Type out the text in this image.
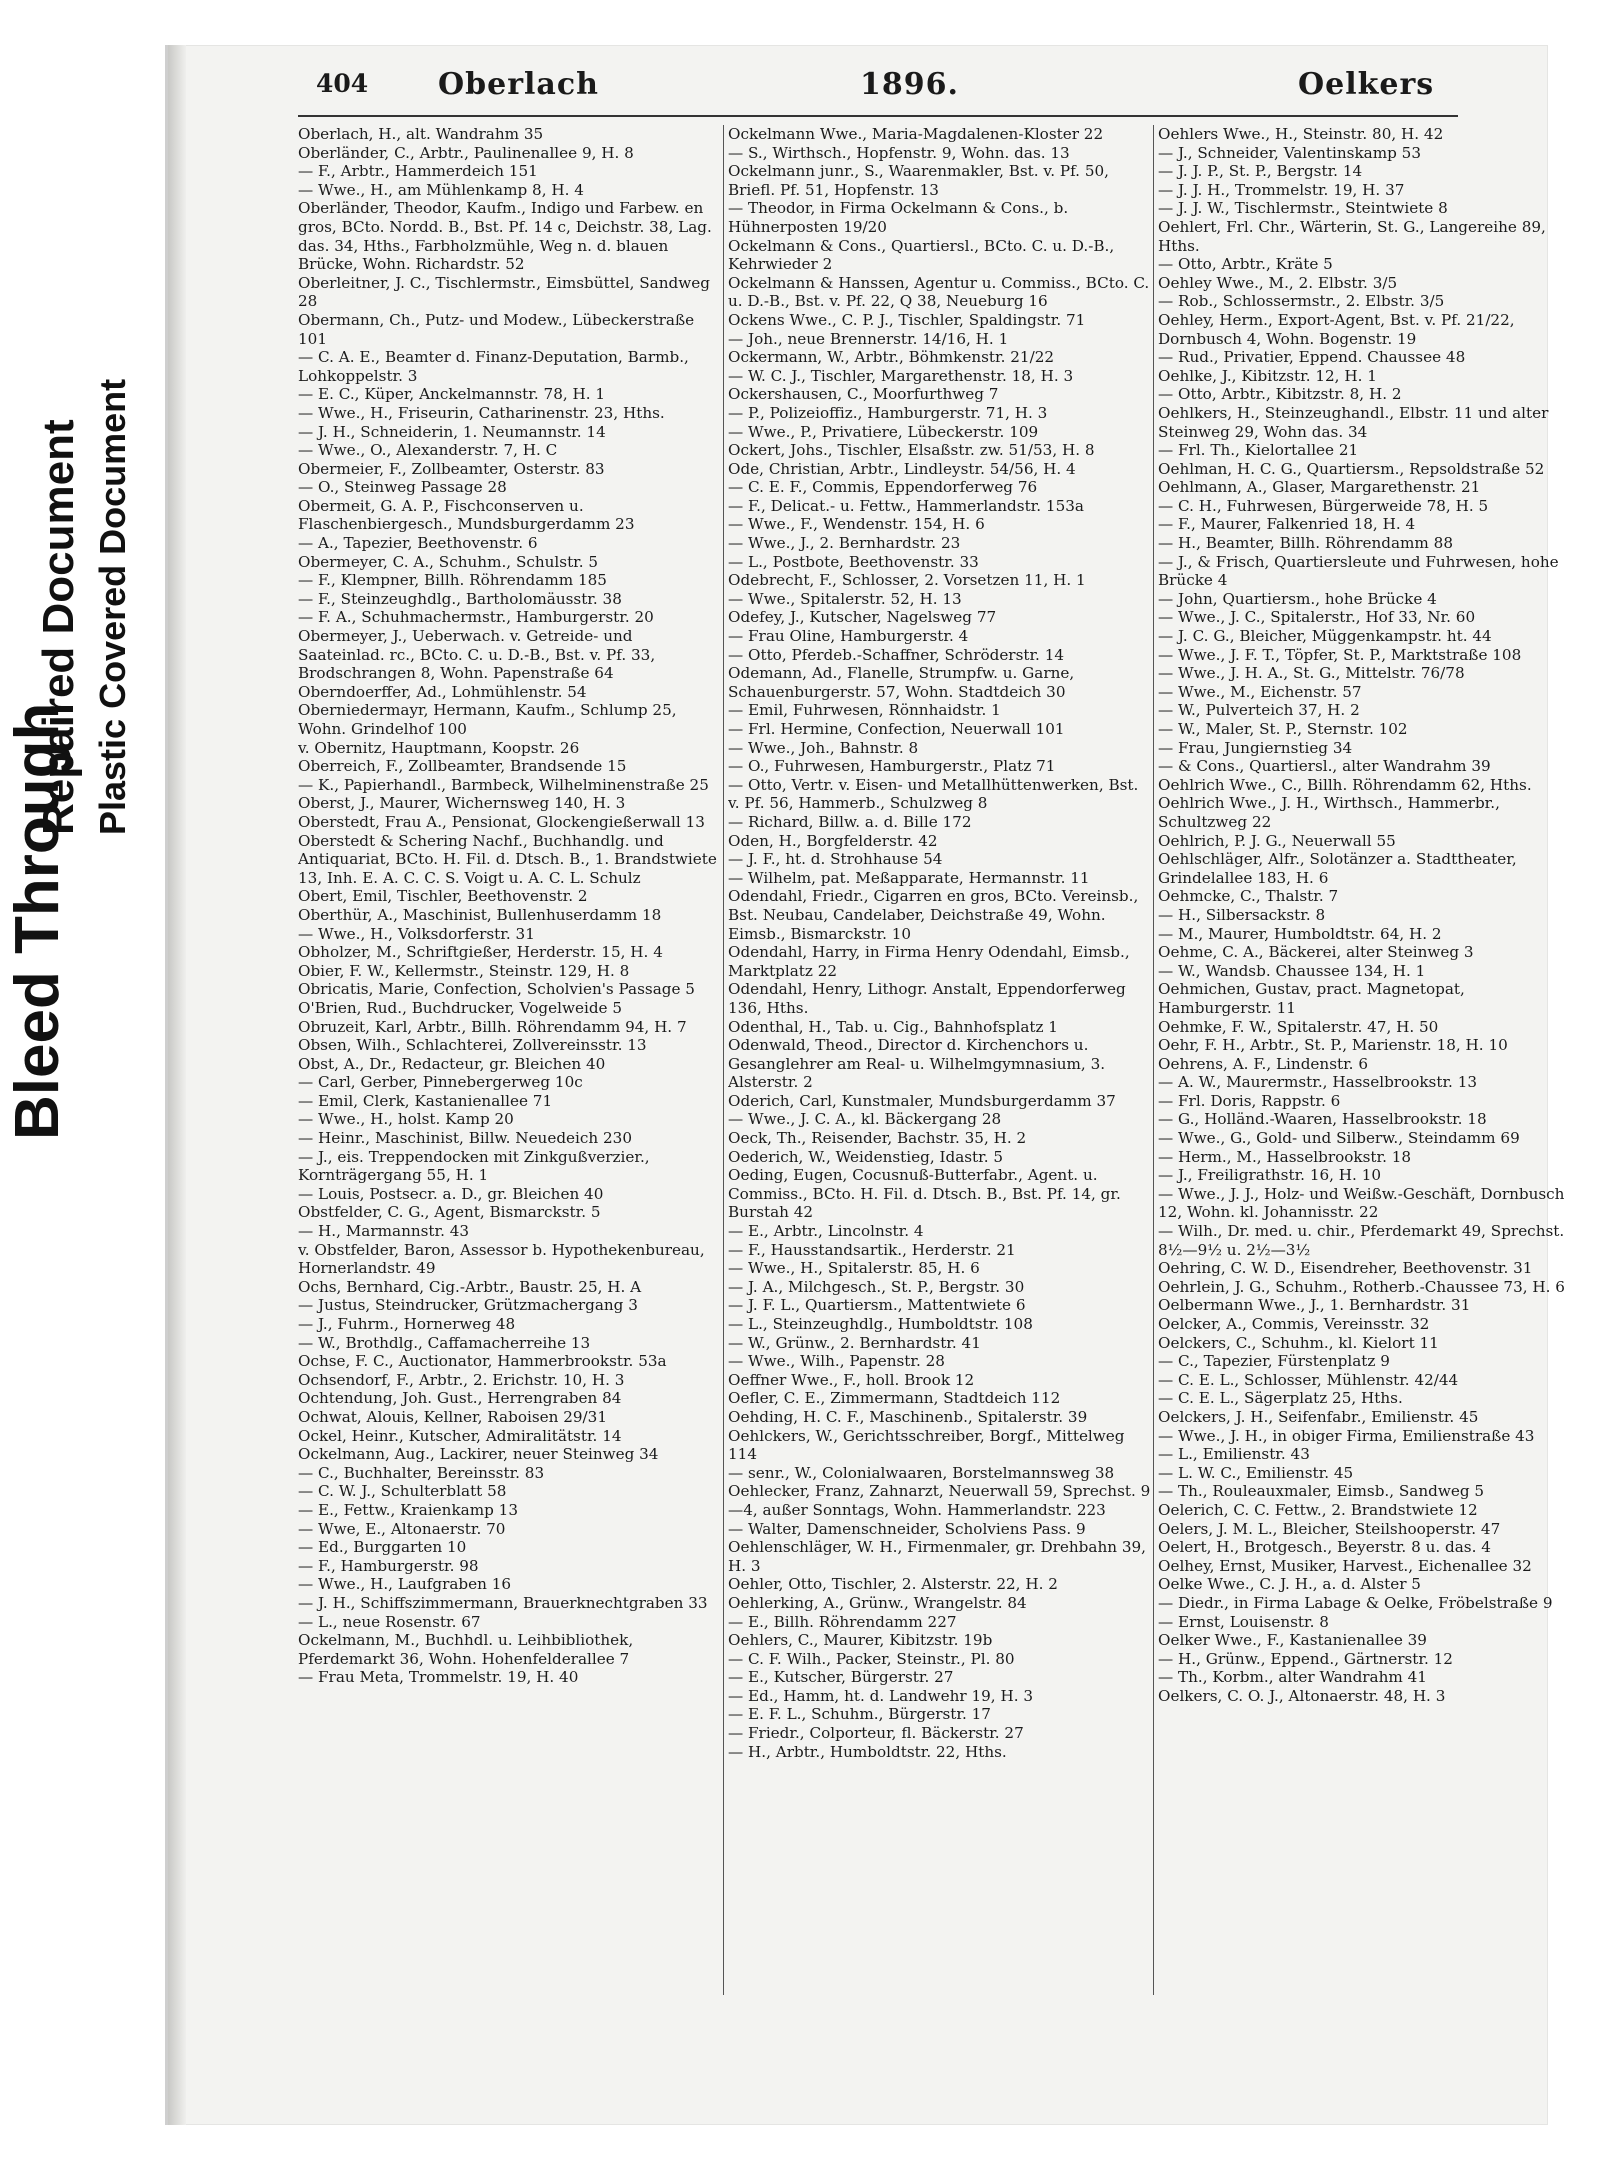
Bleed Through
Repaired Document Plastic Covered Document
404 Oberlach	1896.	Oelkers

Oberlach, H., alt. Wandrahm 35

Oberländer, C., Arbtr., Paulinenallee 9, H. 8

— F., Arbtr., Hammerdeich 151

— Wwe., H., am Mühlenkamp 8, H. 4

Oberländer, Theodor, Kaufm., Indigo und Farbew. en gros, BCto. Nordd. B., Bst. Pf. 14 c, Deichstr. 38, Lag. das. 34, Hths., Farbholzmühle, Weg n. d. blauen Brücke, Wohn. Richardstr. 52

Oberleitner, J. C., Tischlermstr., Eimsbüttel, Sandweg 28

Obermann, Ch., Putz- und Modew., Lübeckerstraße 101

— C. A. E., Beamter d. Finanz-Deputation, Barmb., Lohkoppelstr. 3

— E. C., Küper, Anckelmannstr. 78, H. 1

— Wwe., H., Friseurin, Catharinenstr. 23, Hths.

— J. H., Schneiderin, 1. Neumannstr. 14

— Wwe., O., Alexanderstr. 7, H. C

Obermeier, F., Zollbeamter, Osterstr. 83

— O., Steinweg Passage 28

Obermeit, G. A. P., Fischconserven u. Flaschenbiergesch., Mundsburgerdamm 23

— A., Tapezier, Beethovenstr. 6

Obermeyer, C. A., Schuhm., Schulstr. 5

— F., Klempner, Billh. Röhrendamm 185

— F., Steinzeughdlg., Bartholomäusstr. 38

— F. A., Schuhmachermstr., Hamburgerstr. 20

Obermeyer, J., Ueberwach. v. Getreide- und Saateinlad. rc., BCto. C. u. D.-B., Bst. v. Pf. 33, Brodschrangen 8, Wohn. Papenstraße 64

Oberndoerffer, Ad., Lohmühlenstr. 54

Oberniedermayr, Hermann, Kaufm., Schlump 25, Wohn. Grindelhof 100

v. Obernitz, Hauptmann, Koopstr. 26

Oberreich, F., Zollbeamter, Brandsende 15

— K., Papierhandl., Barmbeck, Wilhelminenstraße 25

Oberst, J., Maurer, Wichernsweg 140, H. 3

Oberstedt, Frau A., Pensionat, Glockengießerwall 13

Oberstedt & Schering Nachf., Buchhandlg. und Antiquariat, BCto. H. Fil. d. Dtsch. B., 1. Brandstwiete 13, Inh. E. A. C. C. S. Voigt u. A. C. L. Schulz

Obert, Emil, Tischler, Beethovenstr. 2

Oberthür, A., Maschinist, Bullenhuserdamm 18

— Wwe., H., Volksdorferstr. 31

Obholzer, M., Schriftgießer, Herderstr. 15, H. 4

Obier, F. W., Kellermstr., Steinstr. 129, H. 8

Obricatis, Marie, Confection, Scholvien's Passage 5

O'Brien, Rud., Buchdrucker, Vogelweide 5

Obruzeit, Karl, Arbtr., Billh. Röhrendamm 94, H. 7

Obsen, Wilh., Schlachterei, Zollvereinsstr. 13

Obst, A., Dr., Redacteur, gr. Bleichen 40

— Carl, Gerber, Pinnebergerweg 10c

— Emil, Clerk, Kastanienallee 71

— Wwe., H., holst. Kamp 20

— Heinr., Maschinist, Billw. Neuedeich 230

— J., eis. Treppendocken mit Zinkgußverzier., Kornträgergang 55, H. 1

— Louis, Postsecr. a. D., gr. Bleichen 40

Obstfelder, C. G., Agent, Bismarckstr. 5

— H., Marmannstr. 43

v. Obstfelder, Baron, Assessor b. Hypothekenbureau, Hornerlandstr. 49

Ochs, Bernhard, Cig.-Arbtr., Baustr. 25, H. A

— Justus, Steindrucker, Grützmachergang 3

— J., Fuhrm., Hornerweg 48

— W., Brothdlg., Caffamacherreihe 13

Ochse, F. C., Auctionator, Hammerbrookstr. 53a

Ochsendorf, F., Arbtr., 2. Erichstr. 10, H. 3

Ochtendung, Joh. Gust., Herrengraben 84

Ochwat, Alouis, Kellner, Raboisen 29/31

Ockel, Heinr., Kutscher, Admiralitätstr. 14

Ockelmann, Aug., Lackirer, neuer Steinweg 34

— C., Buchhalter, Bereinsstr. 83

— C. W. J., Schulterblatt 58

— E., Fettw., Kraienkamp 13

— Wwe, E., Altonaerstr. 70

— Ed., Burggarten 10

— F., Hamburgerstr. 98

— Wwe., H., Laufgraben 16

— J. H., Schiffszimmermann, Brauerknechtgraben 33

— L., neue Rosenstr. 67

Ockelmann, M., Buchhdl. u. Leihbibliothek, Pferdemarkt 36, Wohn. Hohenfelderallee 7

— Frau Meta, Trommelstr. 19, H. 40

Ockelmann Wwe., Maria-Magdalenen-Kloster 22

— S., Wirthsch., Hopfenstr. 9, Wohn. das. 13

Ockelmann junr., S., Waarenmakler, Bst. v. Pf. 50, Briefl. Pf. 51, Hopfenstr. 13

— Theodor, in Firma Ockelmann & Cons., b. Hühnerposten 19/20

Ockelmann & Cons., Quartiersl., BCto. C. u. D.-B., Kehrwieder 2

Ockelmann & Hanssen, Agentur u. Commiss., BCto. C. u. D.-B., Bst. v. Pf. 22, Q 38, Neueburg 16

Ockens Wwe., C. P. J., Tischler, Spaldingstr. 71

— Joh., neue Brennerstr. 14/16, H. 1

Ockermann, W., Arbtr., Böhmkenstr. 21/22

— W. C. J., Tischler, Margarethenstr. 18, H. 3

Ockershausen, C., Moorfurthweg 7

— P., Polizeioffiz., Hamburgerstr. 71, H. 3

— Wwe., P., Privatiere, Lübeckerstr. 109

Ockert, Johs., Tischler, Elsaßstr. zw. 51/53, H. 8

Ode, Christian, Arbtr., Lindleystr. 54/56, H. 4

— C. E. F., Commis, Eppendorferweg 76

— F., Delicat.- u. Fettw., Hammerlandstr. 153a

— Wwe., F., Wendenstr. 154, H. 6

— Wwe., J., 2. Bernhardstr. 23

— L., Postbote, Beethovenstr. 33

Odebrecht, F., Schlosser, 2. Vorsetzen 11, H. 1

— Wwe., Spitalerstr. 52, H. 13

Odefey, J., Kutscher, Nagelsweg 77

— Frau Oline, Hamburgerstr. 4

— Otto, Pferdeb.-Schaffner, Schröderstr. 14

Odemann, Ad., Flanelle, Strumpfw. u. Garne, Schauenburgerstr. 57, Wohn. Stadtdeich 30

— Emil, Fuhrwesen, Rönnhaidstr. 1

— Frl. Hermine, Confection, Neuerwall 101

— Wwe., Joh., Bahnstr. 8

— O., Fuhrwesen, Hamburgerstr., Platz 71

— Otto, Vertr. v. Eisen- und Metallhüttenwerken, Bst. v. Pf. 56, Hammerb., Schulzweg 8

— Richard, Billw. a. d. Bille 172

Oden, H., Borgfelderstr. 42

— J. F., ht. d. Strohhause 54

— Wilhelm, pat. Meßapparate, Hermannstr. 11

Odendahl, Friedr., Cigarren en gros, BCto. Vereinsb., Bst. Neubau, Candelaber, Deichstraße 49, Wohn. Eimsb., Bismarckstr. 10

Odendahl, Harry, in Firma Henry Odendahl, Eimsb., Marktplatz 22

Odendahl, Henry, Lithogr. Anstalt, Eppendorferweg 136, Hths.

Odenthal, H., Tab. u. Cig., Bahnhofsplatz 1

Odenwald, Theod., Director d. Kirchenchors u. Gesanglehrer am Real- u. Wilhelmgymnasium, 3. Alsterstr. 2

Oderich, Carl, Kunstmaler, Mundsburgerdamm 37

— Wwe., J. C. A., kl. Bäckergang 28

Oeck, Th., Reisender, Bachstr. 35, H. 2

Oederich, W., Weidenstieg, Idastr. 5

Oeding, Eugen, Cocusnuß-Butterfabr., Agent. u. Commiss., BCto. H. Fil. d. Dtsch. B., Bst. Pf. 14, gr. Burstah 42

— E., Arbtr., Lincolnstr. 4

— F., Hausstandsartik., Herderstr. 21

— Wwe., H., Spitalerstr. 85, H. 6

— J. A., Milchgesch., St. P., Bergstr. 30

— J. F. L., Quartiersm., Mattentwiete 6

— L., Steinzeughdlg., Humboldtstr. 108

— W., Grünw., 2. Bernhardstr. 41

— Wwe., Wilh., Papenstr. 28

Oeffner Wwe., F., holl. Brook 12

Oefler, C. E., Zimmermann, Stadtdeich 112

Oehding, H. C. F., Maschinenb., Spitalerstr. 39

Oehlckers, W., Gerichtsschreiber, Borgf., Mittelweg 114

— senr., W., Colonialwaaren, Borstelmannsweg 38

Oehlecker, Franz, Zahnarzt, Neuerwall 59, Sprechst. 9—4, außer Sonntags, Wohn. Hammerlandstr. 223

— Walter, Damenschneider, Scholviens Pass. 9

Oehlenschläger, W. H., Firmenmaler, gr. Drehbahn 39, H. 3

Oehler, Otto, Tischler, 2. Alsterstr. 22, H. 2

Oehlerking, A., Grünw., Wrangelstr. 84

— E., Billh. Röhrendamm 227

Oehlers, C., Maurer, Kibitzstr. 19b

— C. F. Wilh., Packer, Steinstr., Pl. 80

— E., Kutscher, Bürgerstr. 27

— Ed., Hamm, ht. d. Landwehr 19, H. 3

— E. F. L., Schuhm., Bürgerstr. 17

— Friedr., Colporteur, fl. Bäckerstr. 27

— H., Arbtr., Humboldtstr. 22, Hths.

Oehlers Wwe., H., Steinstr. 80, H. 42

— J., Schneider, Valentinskamp 53

— J. J. P., St. P., Bergstr. 14

— J. J. H., Trommelstr. 19, H. 37

— J. J. W., Tischlermstr., Steintwiete 8

Oehlert, Frl. Chr., Wärterin, St. G., Langereihe 89, Hths.

— Otto, Arbtr., Kräte 5

Oehley Wwe., M., 2. Elbstr. 3/5

— Rob., Schlossermstr., 2. Elbstr. 3/5

Oehley, Herm., Export-Agent, Bst. v. Pf. 21/22, Dornbusch 4, Wohn. Bogenstr. 19

— Rud., Privatier, Eppend. Chaussee 48

Oehlke, J., Kibitzstr. 12, H. 1

— Otto, Arbtr., Kibitzstr. 8, H. 2

Oehlkers, H., Steinzeughandl., Elbstr. 11 und alter Steinweg 29, Wohn das. 34

— Frl. Th., Kielortallee 21

Oehlman, H. C. G., Quartiersm., Repsoldstraße 52

Oehlmann, A., Glaser, Margarethenstr. 21

— C. H., Fuhrwesen, Bürgerweide 78, H. 5

— F., Maurer, Falkenried 18, H. 4

— H., Beamter, Billh. Röhrendamm 88

— J., & Frisch, Quartiersleute und Fuhrwesen, hohe Brücke 4

— John, Quartiersm., hohe Brücke 4

— Wwe., J. C., Spitalerstr., Hof 33, Nr. 60

— J. C. G., Bleicher, Müggenkampstr. ht. 44

— Wwe., J. F. T., Töpfer, St. P., Marktstraße 108

— Wwe., J. H. A., St. G., Mittelstr. 76/78

— Wwe., M., Eichenstr. 57

— W., Pulverteich 37, H. 2

— W., Maler, St. P., Sternstr. 102

— Frau, Jungiernstieg 34

— & Cons., Quartiersl., alter Wandrahm 39

Oehlrich Wwe., C., Billh. Röhrendamm 62, Hths.

Oehlrich Wwe., J. H., Wirthsch., Hammerbr., Schultzweg 22

Oehlrich, P. J. G., Neuerwall 55

Oehlschläger, Alfr., Solotänzer a. Stadttheater, Grindelallee 183, H. 6

Oehmcke, C., Thalstr. 7

— H., Silbersackstr. 8

— M., Maurer, Humboldtstr. 64, H. 2

Oehme, C. A., Bäckerei, alter Steinweg 3

— W., Wandsb. Chaussee 134, H. 1

Oehmichen, Gustav, pract. Magnetopat, Hamburgerstr. 11

Oehmke, F. W., Spitalerstr. 47, H. 50

Oehr, F. H., Arbtr., St. P., Marienstr. 18, H. 10

Oehrens, A. F., Lindenstr. 6

— A. W., Maurermstr., Hasselbrookstr. 13

— Frl. Doris, Rappstr. 6

— G., Holländ.-Waaren, Hasselbrookstr. 18

— Wwe., G., Gold- und Silberw., Steindamm 69

— Herm., M., Hasselbrookstr. 18

— J., Freiligrathstr. 16, H. 10

— Wwe., J. J., Holz- und Weißw.-Geschäft, Dornbusch 12, Wohn. kl. Johannisstr. 22

— Wilh., Dr. med. u. chir., Pferdemarkt 49, Sprechst. 8½—9½ u. 2½—3½

Oehring, C. W. D., Eisendreher, Beethovenstr. 31

Oehrlein, J. G., Schuhm., Rotherb.-Chaussee 73, H. 6

Oelbermann Wwe., J., 1. Bernhardstr. 31

Oelcker, A., Commis, Vereinsstr. 32

Oelckers, C., Schuhm., kl. Kielort 11

— C., Tapezier, Fürstenplatz 9

— C. E. L., Schlosser, Mühlenstr. 42/44

— C. E. L., Sägerplatz 25, Hths.

Oelckers, J. H., Seifenfabr., Emilienstr. 45

— Wwe., J. H., in obiger Firma, Emilienstraße 43

— L., Emilienstr. 43

— L. W. C., Emilienstr. 45

— Th., Rouleauxmaler, Eimsb., Sandweg 5

Oelerich, C. C. Fettw., 2. Brandstwiete 12

Oelers, J. M. L., Bleicher, Steilshooperstr. 47

Oelert, H., Brotgesch., Beyerstr. 8 u. das. 4

Oelhey, Ernst, Musiker, Harvest., Eichenallee 32

Oelke Wwe., C. J. H., a. d. Alster 5

— Diedr., in Firma Labage & Oelke, Fröbelstraße 9

— Ernst, Louisenstr. 8

Oelker Wwe., F., Kastanienallee 39

— H., Grünw., Eppend., Gärtnerstr. 12

— Th., Korbm., alter Wandrahm 41

Oelkers, C. O. J., Altonaerstr. 48, H. 3
